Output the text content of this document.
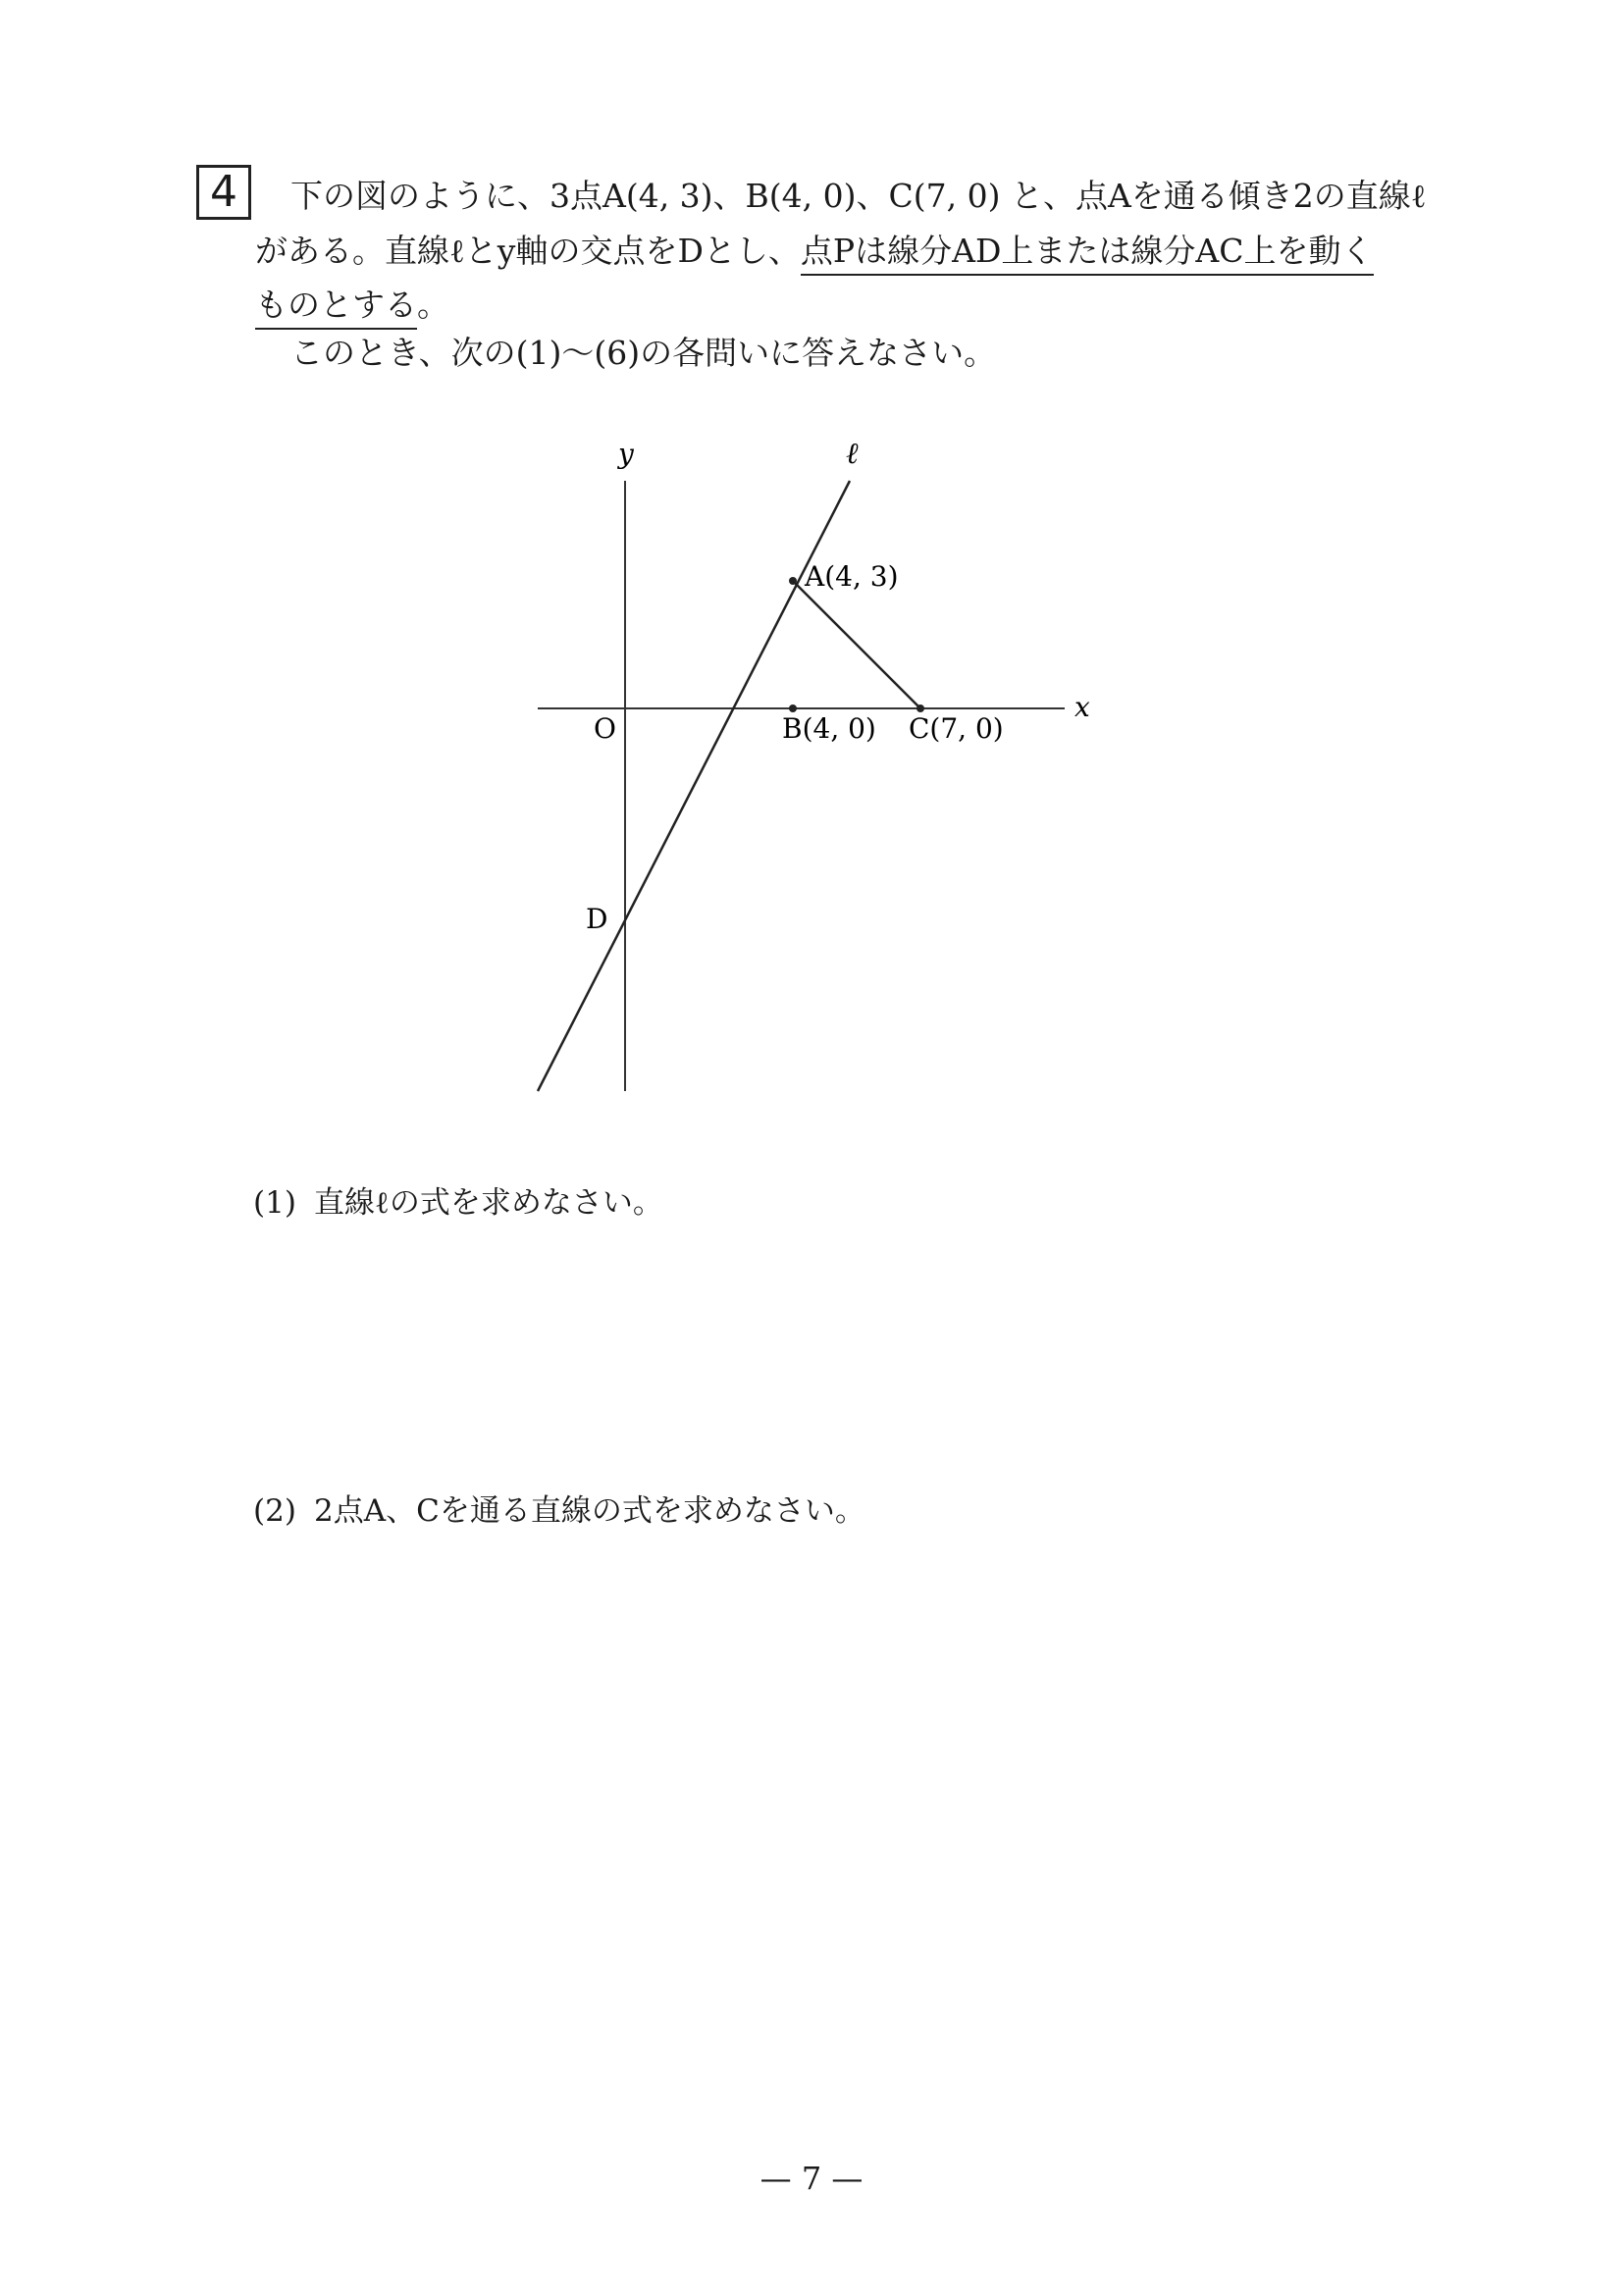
4 下の図のように、3点A(4, 3)、B(4, 0)、C(7, 0) と、点Aを通る傾き2の直線ℓ
がある。直線ℓとy軸の交点をDとし、点Pは線分AD上または線分AC上を動く
ものとする。
このとき、次の(1)〜(6)の各問いに答えなさい。
y
x
ℓ
O
D
A(4, 3)
B(4, 0) C(7, 0)
(1) 直線ℓの式を求めなさい。
(2) 2点A、Cを通る直線の式を求めなさい。
— 7 —
